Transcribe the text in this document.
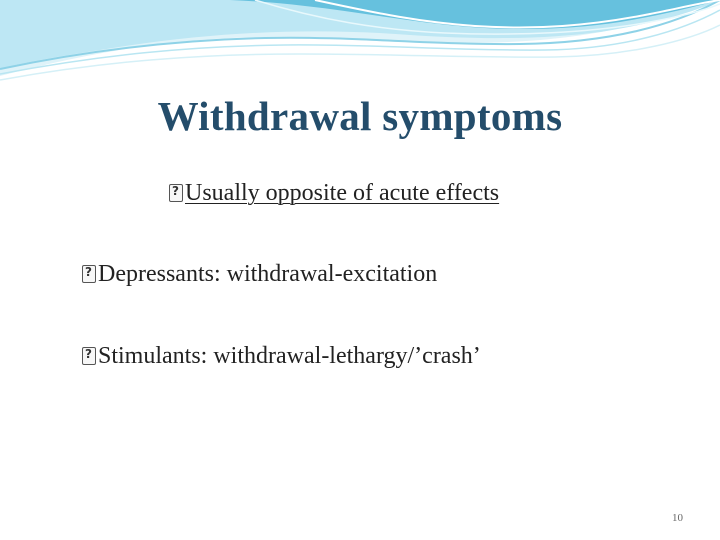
Withdrawal symptoms
?Usually opposite of acute effects
?Depressants: withdrawal-excitation
?Stimulants: withdrawal-lethargy/’crash’
10
